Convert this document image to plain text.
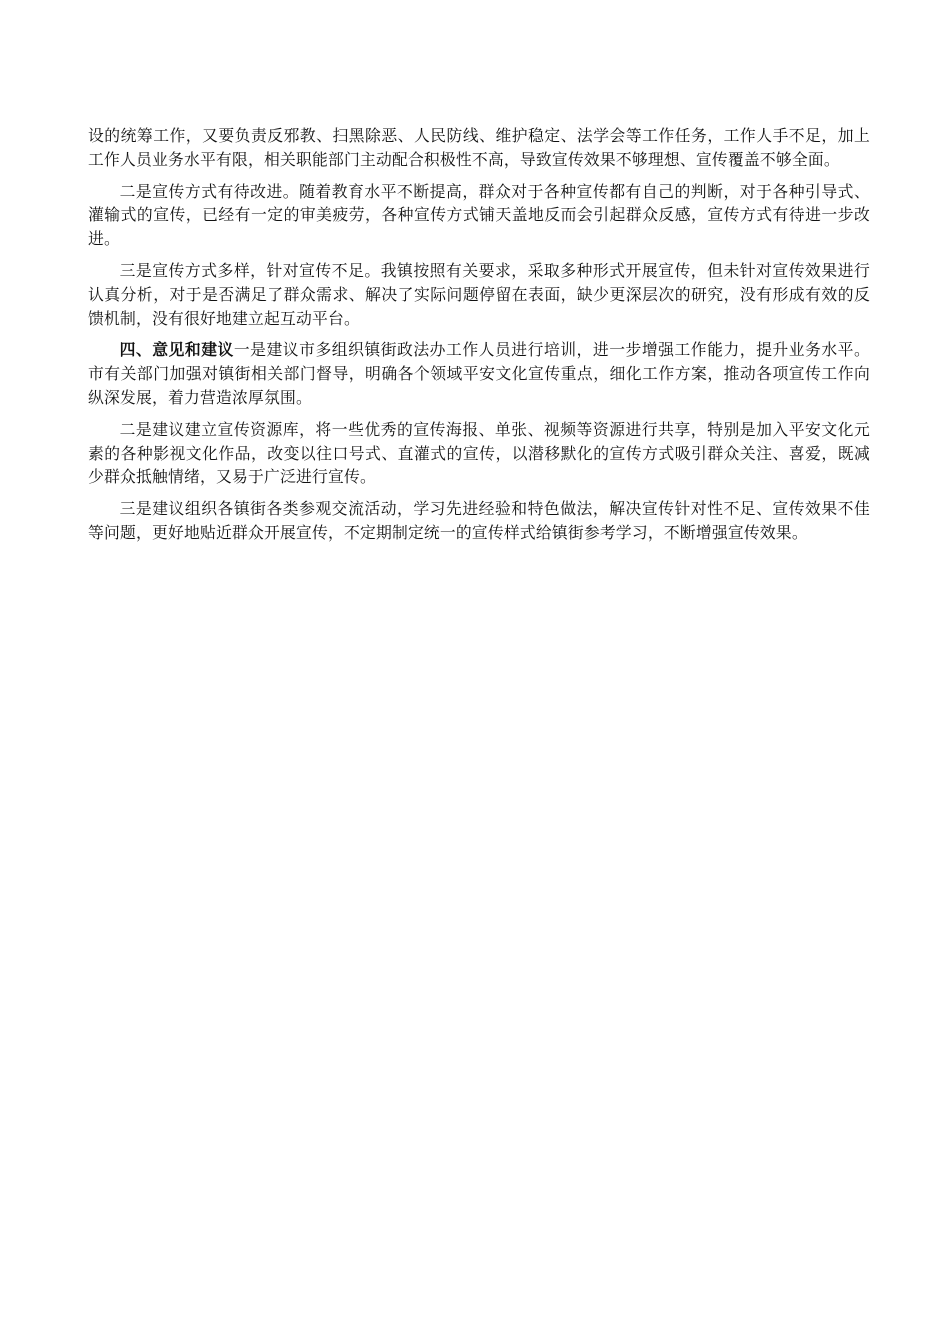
设的统筹工作，又要负责反邪教、扫黑除恶、人民防线、维护稳定、法学会等工作任务，工作人手不足，加上工作人员业务水平有限，相关职能部门主动配合积极性不高，导致宣传效果不够理想、宣传覆盖不够全面。

二是宣传方式有待改进。随着教育水平不断提高，群众对于各种宣传都有自己的判断，对于各种引导式、灌输式的宣传，已经有一定的审美疲劳，各种宣传方式铺天盖地反而会引起群众反感，宣传方式有待进一步改进。

三是宣传方式多样，针对宣传不足。我镇按照有关要求，采取多种形式开展宣传，但未针对宣传效果进行认真分析，对于是否满足了群众需求、解决了实际问题停留在表面，缺少更深层次的研究，没有形成有效的反馈机制，没有很好地建立起互动平台。

四、意见和建议一是建议市多组织镇街政法办工作人员进行培训，进一步增强工作能力，提升业务水平。市有关部门加强对镇街相关部门督导，明确各个领域平安文化宣传重点，细化工作方案，推动各项宣传工作向纵深发展，着力营造浓厚氛围。

二是建议建立宣传资源库，将一些优秀的宣传海报、单张、视频等资源进行共享，特别是加入平安文化元素的各种影视文化作品，改变以往口号式、直灌式的宣传，以潜移默化的宣传方式吸引群众关注、喜爱，既减少群众抵触情绪，又易于广泛进行宣传。

三是建议组织各镇街各类参观交流活动，学习先进经验和特色做法，解决宣传针对性不足、宣传效果不佳等问题，更好地贴近群众开展宣传，不定期制定统一的宣传样式给镇街参考学习，不断增强宣传效果。
